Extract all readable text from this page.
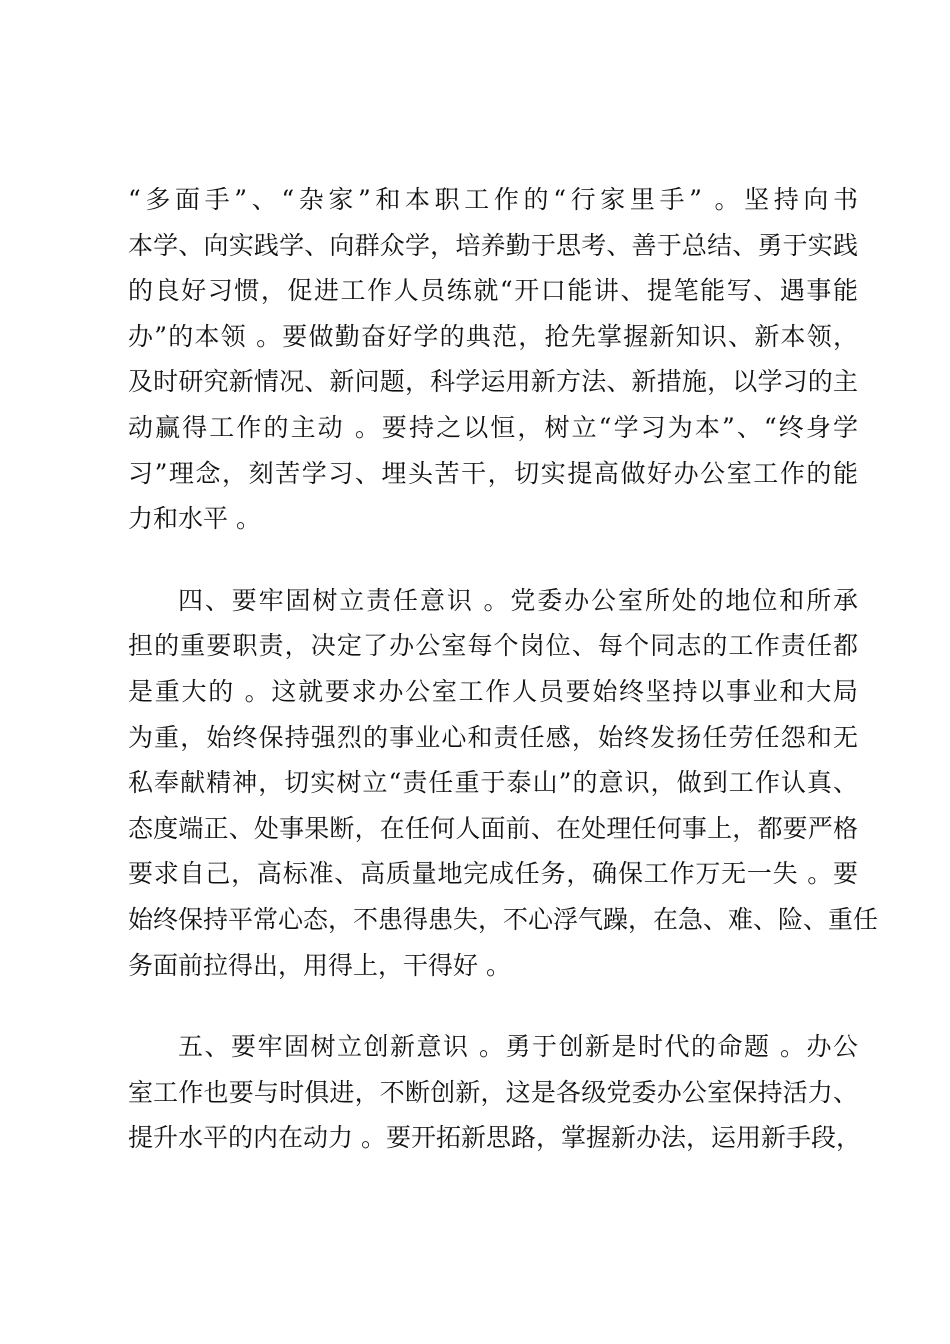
“多面手”、“杂家”和本职工作的“行家里手” 。坚持向书
本学、向实践学、向群众学，培养勤于思考、善于总结、勇于实践
的良好习惯，促进工作人员练就“开口能讲、提笔能写、遇事能
办”的本领 。要做勤奋好学的典范，抢先掌握新知识、新本领，
及时研究新情况、新问题，科学运用新方法、新措施，以学习的主
动赢得工作的主动 。要持之以恒，树立“学习为本”、“终身学
习”理念，刻苦学习、埋头苦干，切实提高做好办公室工作的能
力和水平 。
四、要牢固树立责任意识 。党委办公室所处的地位和所承
担的重要职责，决定了办公室每个岗位、每个同志的工作责任都
是重大的 。这就要求办公室工作人员要始终坚持以事业和大局
为重，始终保持强烈的事业心和责任感，始终发扬任劳任怨和无
私奉献精神，切实树立“责任重于泰山”的意识，做到工作认真、
态度端正、处事果断，在任何人面前、在处理任何事上，都要严格
要求自己，高标准、高质量地完成任务，确保工作万无一失 。要
始终保持平常心态，不患得患失，不心浮气躁，在急、难、险、重任
务面前拉得出，用得上，干得好 。
五、要牢固树立创新意识 。勇于创新是时代的命题 。办公
室工作也要与时俱进，不断创新，这是各级党委办公室保持活力、
提升水平的内在动力 。要开拓新思路，掌握新办法，运用新手段，
